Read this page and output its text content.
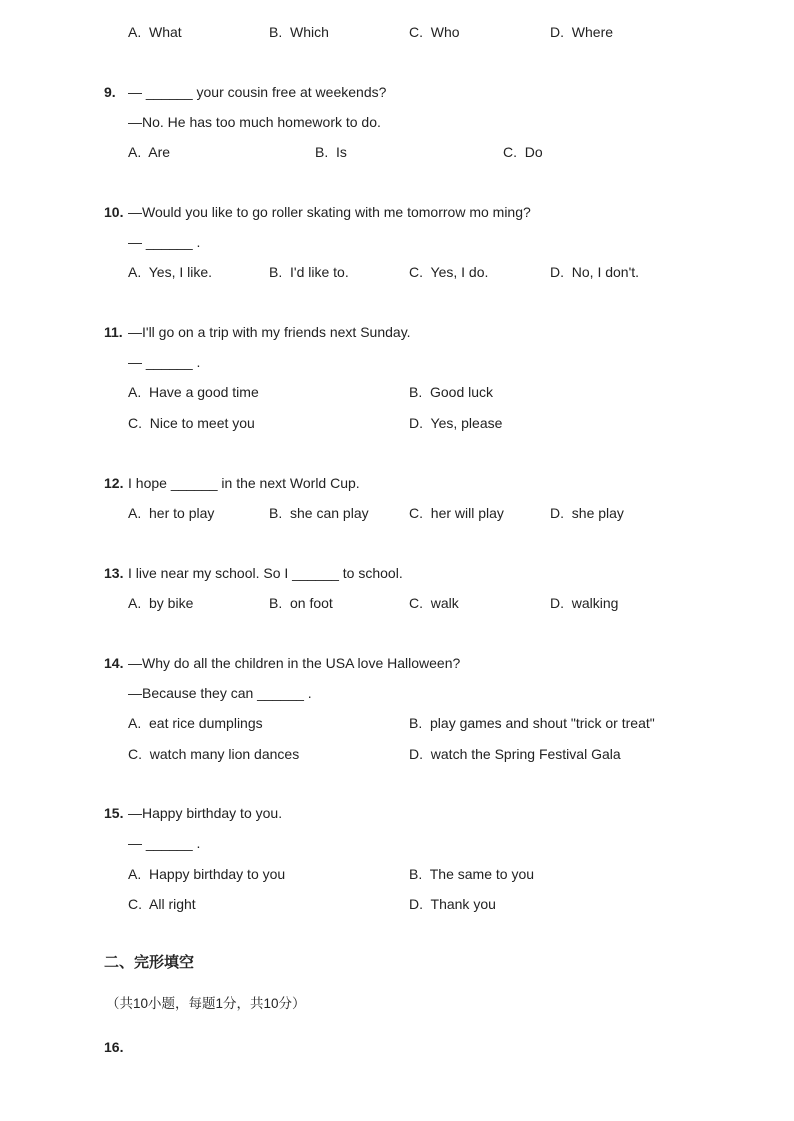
A.  What	B.  Which	C.  Who	D.  Where
9. — ______ your cousin free at weekends?
—No. He has too much homework to do.
A.  Are	B.  Is	C.  Do
10. —Would you like to go roller skating with me tomorrow mo ming?
— ______ .
A.  Yes, I like.	B.  I'd like to.	C.  Yes, I do.	D.  No, I don't.
11. —I'll go on a trip with my friends next Sunday.
— ______ .
A.  Have a good time	B.  Good luck
C.  Nice to meet you	D.  Yes, please
12. I hope ______ in the next World Cup.
A.  her to play	B.  she can play	C.  her will play	D.  she play
13. I live near my school. So I ______ to school.
A.  by bike	B.  on foot	C.  walk	D.  walking
14. —Why do all the children in the USA love Halloween?
—Because they can ______ .
A.  eat rice dumplings	B.  play games and shout "trick or treat"
C.  watch many lion dances	D.  watch the Spring Festival Gala
15. —Happy birthday to you.
— ______ .
A.  Happy birthday to you	B.  The same to you
C.  All right	D.  Thank you
二、完形填空
（共10小题，每题1分，共10分）
16.
